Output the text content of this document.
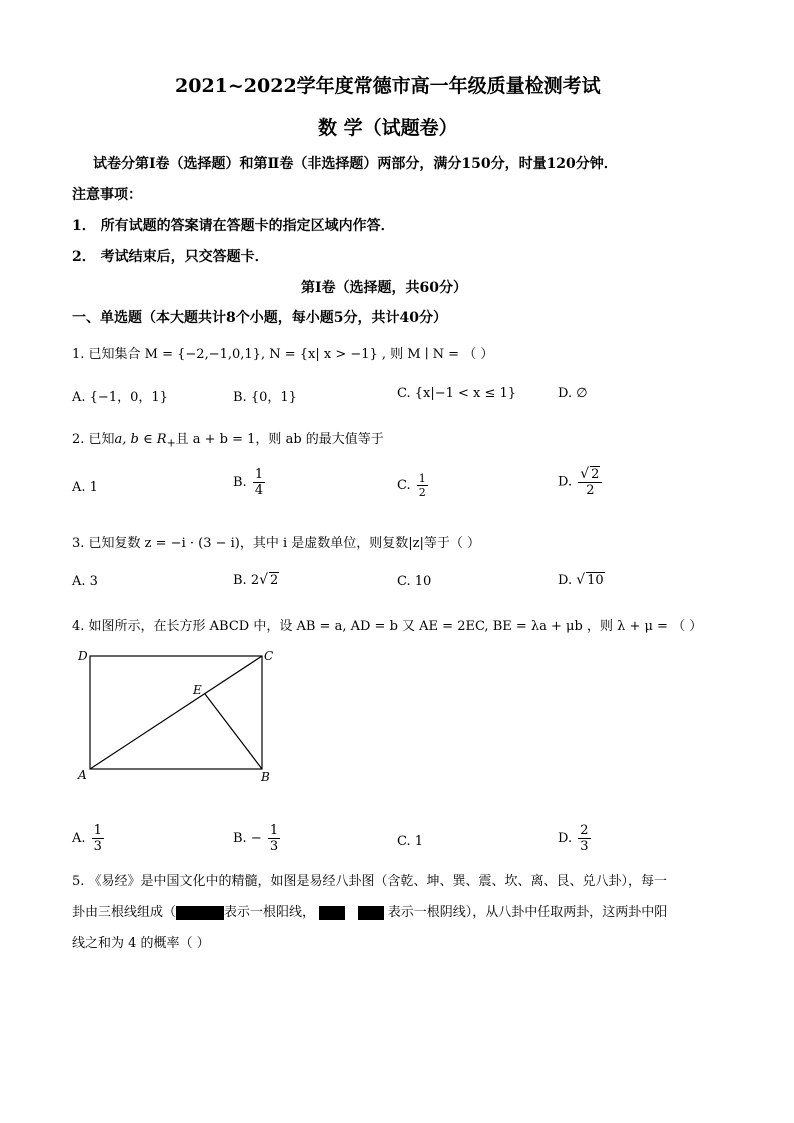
2021~2022学年度常德市高一年级质量检测考试
数 学（试题卷）
试卷分第Ⅰ卷（选择题）和第Ⅱ卷（非选择题）两部分，满分150分，时量120分钟．
注意事项：
1． 所有试题的答案请在答题卡的指定区域内作答．
2． 考试结束后，只交答题卡．
第Ⅰ卷（选择题，共60分）
一、单选题（本大题共计8个小题，每小题5分，共计40分）
1. 已知集合 M = {−2,−1,0,1}, N = {x| x > −1} , 则 M ∣ N = （ ）
A. {−1，0，1}	B. {0，1}	C. {x|−1 < x ≤ 1}	D. ∅
2. 已知a, b ∈ $R_+$且 a + b = 1，则 ab 的最大值等于
A. 1	B. $\frac{1}{4}$	C. $\frac{1}{2}$	D. $\frac{√ 2}{2}$
3. 已知复数 z = −i · (3 − i)，其中 i 是虚数单位，则复数|z|等于（ ）
A. 3	B. 2√ 2	C. 10	D. √ 10
4. 如图所示，在长方形 ABCD 中，设 AB = a, AD = b 又 AE = 2EC, BE = λa + μb ，则 λ + μ = （ ）
D	C
E
A	B
A. $\frac{1}{3}$	B. − $\frac{1}{3}$	C. 1	D. $\frac{2}{3}$
5. 《易经》是中国文化中的精髓，如图是易经八卦图（含乾、坤、巽、震、坎、离、艮、兑八卦），每一
卦由三根线组成（	表示一根阳线，	表示一根阴线），从八卦中任取两卦，这两卦中阳
线之和为 4 的概率（ ）
